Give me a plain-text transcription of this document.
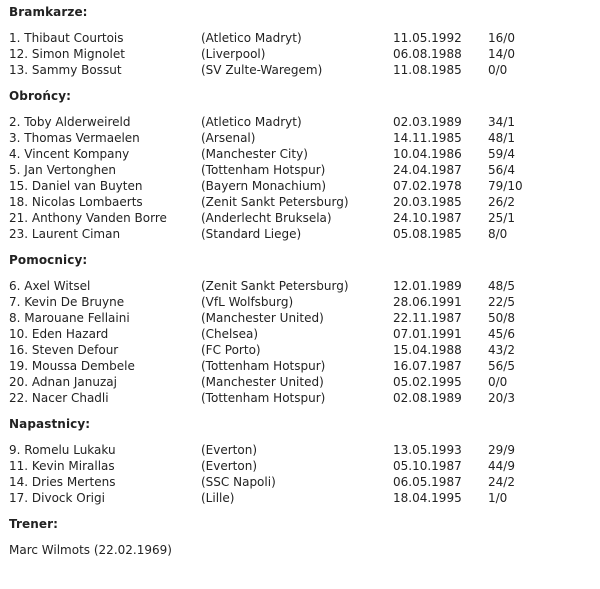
Bramkarze:
1. Thibaut Courtois	(Atletico Madryt)	11.05.1992 16/0
12. Simon Mignolet	(Liverpool)	06.08.1988 14/0
13. Sammy Bossut	(SV Zulte-Waregem)	11.08.1985 0/0
Obrońcy:
2. Toby Alderweireld	(Atletico Madryt)	02.03.1989 34/1
3. Thomas Vermaelen	(Arsenal)	14.11.1985 48/1
4. Vincent Kompany	(Manchester City)	10.04.1986 59/4
5. Jan Vertonghen	(Tottenham Hotspur)	24.04.1987 56/4
15. Daniel van Buyten	(Bayern Monachium)	07.02.1978 79/10
18. Nicolas Lombaerts	(Zenit Sankt Petersburg)	20.03.1985 26/2
21. Anthony Vanden Borre	(Anderlecht Bruksela)	24.10.1987 25/1
23. Laurent Ciman	(Standard Liege)	05.08.1985 8/0
Pomocnicy:
6. Axel Witsel	(Zenit Sankt Petersburg)	12.01.1989 48/5
7. Kevin De Bruyne	(VfL Wolfsburg)	28.06.1991 22/5
8. Marouane Fellaini	(Manchester United)	22.11.1987 50/8
10. Eden Hazard	(Chelsea)	07.01.1991 45/6
16. Steven Defour	(FC Porto)	15.04.1988 43/2
19. Moussa Dembele	(Tottenham Hotspur)	16.07.1987 56/5
20. Adnan Januzaj	(Manchester United)	05.02.1995 0/0
22. Nacer Chadli	(Tottenham Hotspur)	02.08.1989 20/3
Napastnicy:
9. Romelu Lukaku	(Everton)	13.05.1993 29/9
11. Kevin Mirallas	(Everton)	05.10.1987 44/9
14. Dries Mertens	(SSC Napoli)	06.05.1987 24/2
17. Divock Origi	(Lille)	18.04.1995 1/0
Trener:
Marc Wilmots (22.02.1969)
